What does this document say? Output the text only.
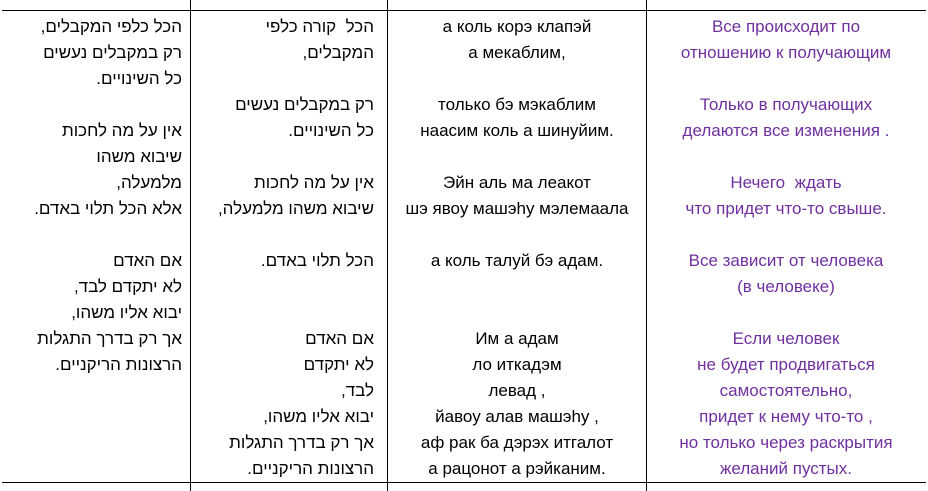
הכל כלפי המקבלים,
רק במקבלים נעשים
כל השינויים.
אין על מה לחכות
שיבוא משהו
מלמעלה,
אלא הכל תלוי באדם.
אם האדם
לא יתקדם לבד,
יבוא אליו משהו,
אך רק בדרך התגלות
הרצונות הריקניים.
הכל  קורה כלפי
המקבלים,
רק במקבלים נעשים
כל השינויים.
אין על מה לחכות
שיבוא משהו מלמעלה,
הכל תלוי באדם.
אם האדם
לא יתקדם
לבד,
יבוא אליו משהו,
אך רק בדרך התגלות
הרצונות הריקניים.
а коль корэ клапэй
а мекаблим,
только бэ мэкаблим
наасим коль а шинуйим.
Эйн аль ма леакот
шэ явоу машэһу мэлемаала
а коль талуй бэ адам.
Им а адам
ло иткадэм
левад ,
йавоу алав машэһу ,
аф рак ба дэрэх итгалот
а рацонот а рэйканим.
Все происходит по
отношению к получающим
Только в получающих
делаются все изменения .
Нечего  ждать
что придет что-то свыше.
Все зависит от человека
(в человеке)
Если человек
не будет продвигаться
самостоятельно,
придет к нему что-то ,
но только через раскрытия
желаний пустых.
